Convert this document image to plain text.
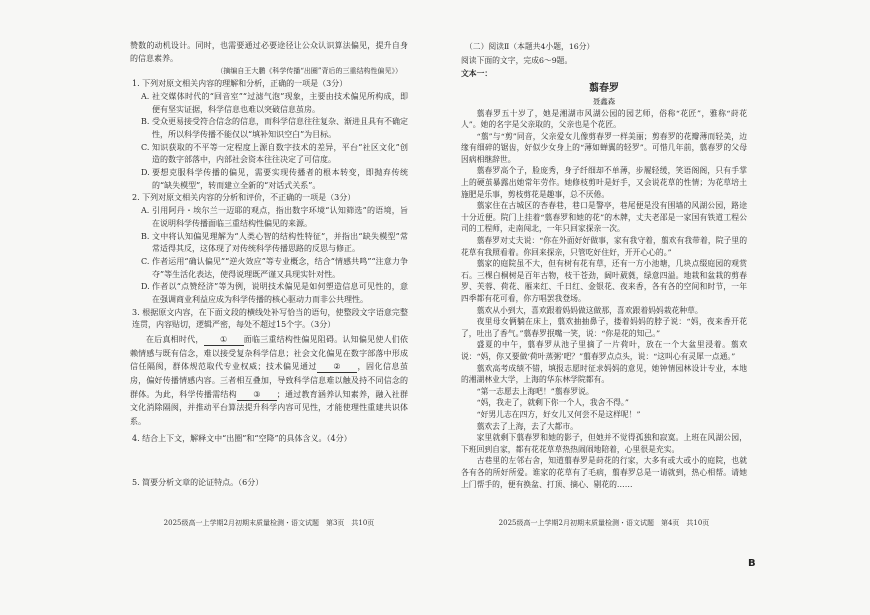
赞数的动机设计。同时，也需要通过必要途径让公众认识算法偏见，提升自身的信息素养。

（摘编自王大鹏《科学传播“出圈”背后的三重结构性偏见》）

1. 下列对原文相关内容的理解和分析，正确的一项是（3分）

A. 社交媒体时代的“回音室”“过滤气泡”现象，主要由技术偏见所构成，即便有坚实证据，科学信息也难以突破信息茧房。
B. 受众更易接受符合信念的信息，而科学信息往往复杂、渐进且具有不确定性，所以科学传播不能仅以“填补知识空白”为目标。
C. 知识获取的不平等一定程度上源自数字技术的差异，平台“社区文化”创造的数字部落中，内部社会资本往往决定了可信度。
D. 要想克服科学传播的偏见，需要实现传播者的根本转变，即抛弃传统的“缺失模型”，转而建立全新的“对话式关系”。

2. 下列对原文相关内容的分析和评价，不正确的一项是（3分）

A. 引用阿丹・埃尔兰一迈耶的观点，指出数字环境“认知筛选”的语境，旨在说明科学传播面临三重结构性偏见的来源。
B. 文中将认知偏见理解为“人类心智的结构性特征”，并指出“缺失模型”常常适得其反，这体现了对传统科学传播思路的反思与修正。
C. 作者运用“确认偏见”“逆火效应”等专业概念，结合“情感共鸣”“注意力争夺”等生活化表达，使得说理既严谨又具现实针对性。
D. 作者以“点赞经济”等为例，说明技术偏见是如何塑造信息可见性的，意在强调商业利益应成为科学传播的核心驱动力而非公共理性。

3. 根据原文内容，在下面文段的横线处补写恰当的语句，使整段文字语意完整连贯，内容贴切，逻辑严密，每处不超过15个字。（3分）

在后真相时代， ① 面临三重结构性偏见阻碍。认知偏见使人们依赖情感与既有信念，难以接受复杂科学信息；社会文化偏见在数字部落中形成信任隔阂，群体规范取代专业权威；技术偏见通过 ② ，固化信息茧房，偏好传播情感内容。三者相互叠加，导致科学信息难以触及持不同信念的群体。为此，科学传播需结构 ③ ；通过教育涵养认知素养，融入社群文化消除隔阂，并推动平台算法提升科学内容可见性，才能使理性重建共识体系。

4. 结合上下文，解释文中“出圈”和“空降”的具体含义。（4分）

5. 简要分析文章的论证特点。（6分）

（二）阅读Ⅱ（本题共4小题，16分）

阅读下面的文字，完成6～9题。

文本一：

翦春罗

聂鑫森

翦春罗五十岁了，她是湘湖市风湖公园的园艺师，俗称“花匠”，雅称“莳花人”。她的名字是父亲取的，父亲也是个花匠。

“翦”与“剪”同音，父亲爱女儿像剪春罗一样美丽；剪春罗的花瓣薄而轻美，边缘有细碎的锯齿，好似少女身上的“薄如蝉翼的轻罗”。可惜几年前，翦春罗的父母因病相继辞世。

翦春罗高个子，脸庞秀，身子纤细却不单薄，步履轻缓，笑语阁阁，只有手掌上的硬茧暴露出她常年劳作。她修枝剪叶是好手，又会说花草的性情；为花草培土施肥是乐事，剪枝剪花是趣事，总不厌倦。

翦家住在古城区的杏春巷，巷口是警亭，巷尾便是没有围墙的风湖公园，路途十分近便。院门上挂着“翦春罗和她的花”的木牌，丈夫老邵是一家国有铁道工程公司的工程师，走南闯北，一年只回家探亲一次。

翦春罗对丈夫说：“你在外面好好做事，家有我守着，翦欢有我带着，院子里的花草有我照看着。你回来探亲，只管吃好住好，开开心心的。”

翦家的庭院虽不大，但有树有花有草，还有一方小池塘，几块点缀庭园的观赏石。三棵白桐树是百年古物，枝干苍劲，阔叶葳蕤，绿意四溢。地栽和盆栽的剪春罗、芙蓉、荷花、雁来红、千日红、金银花、夜来香，各有各的空间和时节，一年四季都有花可看，你方唱罢我登场。

翦欢从小到大，喜欢跟着妈妈做这做那，喜欢跟着妈妈栽花种草。

夜里母女俩躺在床上，翦欢抽抽鼻子，搂着妈妈的脖子说：“妈，夜来香开花了，吐出了香气。”翦春罗抿嘴一笑，说：“你是花的知己。”

盛夏的中午，翦春罗从池子里摘了一片荷叶，放在一个大盆里浸着。翦欢说：“妈，你又要做‘荷叶蒸粥’吧？”翦春罗点点头，说：“这叫心有灵犀一点通。”

翦欢高考成绩不错，填报志愿时征求妈妈的意见，她钟情园林设计专业，本地的湘湖林业大学，上海的华东林学院都有。

“第一志愿去上海吧！”翦春罗说。

“妈，我走了，就剩下你一个人，我舍不得。”

“好男儿志在四方，好女儿又何尝不是这样呢！”

翦欢去了上海，去了大都市。

家里就剩下翦春罗和她的影子，但她并不觉得孤独和寂寞。上班在风湖公园，下班回到自家，都有花花草草热热闹闹地陪着，心里很是充实。

古巷里的左邻右舍，知道翦春罗是莳花的行家，大多有或大或小的庭院，也就各有各的所好所爱。谁家的花草有了毛病，翦春罗总是一请就到，热心相帮。请她上门帮手的，便有换盆、打顶、摘心、剔花的……

2025级高一上学期2月初期末质量检测・语文试题　第3页　共10页	2025级高一上学期2月初期末质量检测・语文试题　第4页　共10页
B
